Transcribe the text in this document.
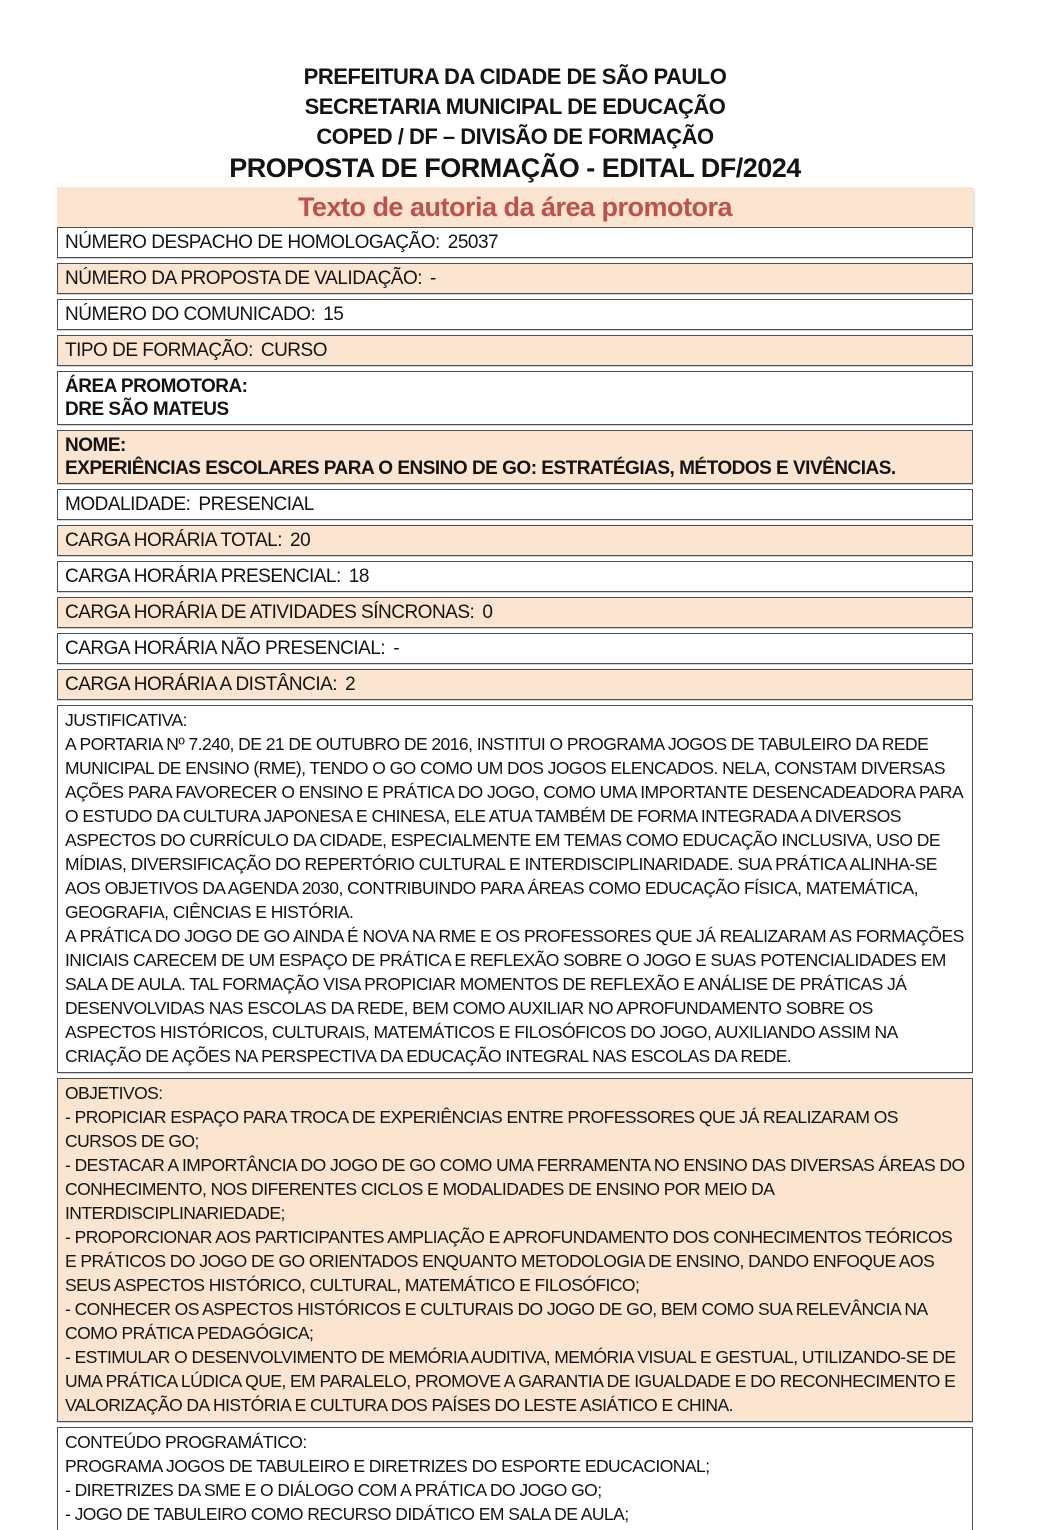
PREFEITURA DA CIDADE DE SÃO PAULO
SECRETARIA MUNICIPAL DE EDUCAÇÃO
COPED / DF – DIVISÃO DE FORMAÇÃO
PROPOSTA DE FORMAÇÃO - EDITAL DF/2024
Texto de autoria da área promotora
NÚMERO DESPACHO DE HOMOLOGAÇÃO: 25037
NÚMERO DA PROPOSTA DE VALIDAÇÃO: -
NÚMERO DO COMUNICADO: 15
TIPO DE FORMAÇÃO: CURSO
ÁREA PROMOTORA:
DRE SÃO MATEUS
NOME:
EXPERIÊNCIAS ESCOLARES PARA O ENSINO DE GO: ESTRATÉGIAS, MÉTODOS E VIVÊNCIAS.
MODALIDADE: PRESENCIAL
CARGA HORÁRIA TOTAL: 20
CARGA HORÁRIA PRESENCIAL: 18
CARGA HORÁRIA DE ATIVIDADES SÍNCRONAS: 0
CARGA HORÁRIA NÃO PRESENCIAL: -
CARGA HORÁRIA A DISTÂNCIA: 2
JUSTIFICATIVA:

A PORTARIA Nº 7.240, DE 21 DE OUTUBRO DE 2016, INSTITUI O PROGRAMA JOGOS DE TABULEIRO DA REDE MUNICIPAL DE ENSINO (RME), TENDO O GO COMO UM DOS JOGOS ELENCADOS. NELA, CONSTAM DIVERSAS AÇÕES PARA FAVORECER O ENSINO E PRÁTICA DO JOGO, COMO UMA IMPORTANTE DESENCADEADORA PARA O ESTUDO DA CULTURA JAPONESA E CHINESA, ELE ATUA TAMBÉM DE FORMA INTEGRADA A DIVERSOS ASPECTOS DO CURRÍCULO DA CIDADE, ESPECIALMENTE EM TEMAS COMO EDUCAÇÃO INCLUSIVA, USO DE MÍDIAS, DIVERSIFICAÇÃO DO REPERTÓRIO CULTURAL E INTERDISCIPLINARIDADE. SUA PRÁTICA ALINHA-SE AOS OBJETIVOS DA AGENDA 2030, CONTRIBUINDO PARA ÁREAS COMO EDUCAÇÃO FÍSICA, MATEMÁTICA, GEOGRAFIA, CIÊNCIAS E HISTÓRIA.

A PRÁTICA DO JOGO DE GO AINDA É NOVA NA RME E OS PROFESSORES QUE JÁ REALIZARAM AS FORMAÇÕES INICIAIS CARECEM DE UM ESPAÇO DE PRÁTICA E REFLEXÃO SOBRE O JOGO E SUAS POTENCIALIDADES EM SALA DE AULA. TAL FORMAÇÃO VISA PROPICIAR MOMENTOS DE REFLEXÃO E ANÁLISE DE PRÁTICAS JÁ DESENVOLVIDAS NAS ESCOLAS DA REDE, BEM COMO AUXILIAR NO APROFUNDAMENTO SOBRE OS ASPECTOS HISTÓRICOS, CULTURAIS, MATEMÁTICOS E FILOSÓFICOS DO JOGO, AUXILIANDO ASSIM NA CRIAÇÃO DE AÇÕES NA PERSPECTIVA DA EDUCAÇÃO INTEGRAL NAS ESCOLAS DA REDE.

OBJETIVOS:

- PROPICIAR ESPAÇO PARA TROCA DE EXPERIÊNCIAS ENTRE PROFESSORES QUE JÁ REALIZARAM OS CURSOS DE GO;

- DESTACAR A IMPORTÂNCIA DO JOGO DE GO COMO UMA FERRAMENTA NO ENSINO DAS DIVERSAS ÁREAS DO CONHECIMENTO, NOS DIFERENTES CICLOS E MODALIDADES DE ENSINO POR MEIO DA INTERDISCIPLINARIEDADE;

- PROPORCIONAR AOS PARTICIPANTES AMPLIAÇÃO E APROFUNDAMENTO DOS CONHECIMENTOS TEÓRICOS E PRÁTICOS DO JOGO DE GO ORIENTADOS ENQUANTO METODOLOGIA DE ENSINO, DANDO ENFOQUE AOS SEUS ASPECTOS HISTÓRICO, CULTURAL, MATEMÁTICO E FILOSÓFICO;

- CONHECER OS ASPECTOS HISTÓRICOS E CULTURAIS DO JOGO DE GO, BEM COMO SUA RELEVÂNCIA NA COMO PRÁTICA PEDAGÓGICA;

- ESTIMULAR O DESENVOLVIMENTO DE MEMÓRIA AUDITIVA, MEMÓRIA VISUAL E GESTUAL, UTILIZANDO-SE DE UMA PRÁTICA LÚDICA QUE, EM PARALELO, PROMOVE A GARANTIA DE IGUALDADE E DO RECONHECIMENTO E VALORIZAÇÃO DA HISTÓRIA E CULTURA DOS PAÍSES DO LESTE ASIÁTICO E CHINA.

CONTEÚDO PROGRAMÁTICO:

PROGRAMA JOGOS DE TABULEIRO E DIRETRIZES DO ESPORTE EDUCACIONAL;

- DIRETRIZES DA SME E O DIÁLOGO COM A PRÁTICA DO JOGO GO;

- JOGO DE TABULEIRO COMO RECURSO DIDÁTICO EM SALA DE AULA;
